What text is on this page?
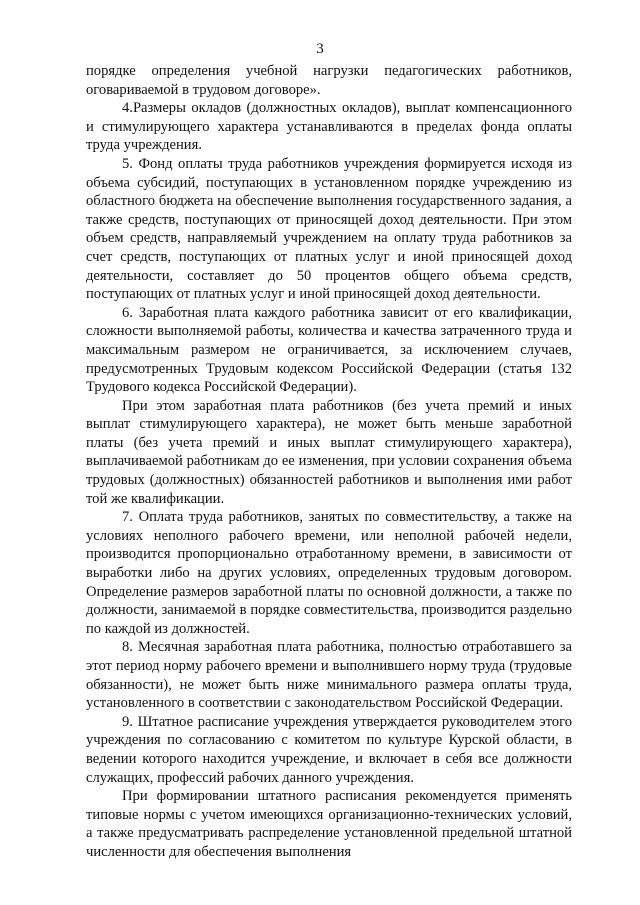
3

порядке определения учебной нагрузки педагогических работников, оговариваемой в трудовом договоре».

4.Размеры окладов (должностных окладов), выплат компенсационного и стимулирующего характера устанавливаются в пределах фонда оплаты труда учреждения.

5. Фонд оплаты труда работников учреждения формируется исходя из объема субсидий, поступающих в установленном порядке учреждению из областного бюджета на обеспечение выполнения государственного задания, а также средств, поступающих от приносящей доход деятельности. При этом объем средств, направляемый учреждением на оплату труда работников за счет средств, поступающих от платных услуг и иной приносящей доход деятельности, составляет до 50 процентов общего объема средств, поступающих от платных услуг и иной приносящей доход деятельности.

6. Заработная плата каждого работника зависит от его квалификации, сложности выполняемой работы, количества и качества затраченного труда и максимальным размером не ограничивается, за исключением случаев, предусмотренных Трудовым кодексом Российской Федерации (статья 132 Трудового кодекса Российской Федерации).

При этом заработная плата работников (без учета премий и иных выплат стимулирующего характера), не может быть меньше заработной платы (без учета премий и иных выплат стимулирующего характера), выплачиваемой работникам до ее изменения, при условии сохранения объема трудовых (должностных) обязанностей работников и выполнения ими работ той же квалификации.

7. Оплата труда работников, занятых по совместительству, а также на условиях неполного рабочего времени, или неполной рабочей недели, производится пропорционально отработанному времени, в зависимости от выработки либо на других условиях, определенных трудовым договором. Определение размеров заработной платы по основной должности, а также по должности, занимаемой в порядке совместительства, производится раздельно по каждой из должностей.

8. Месячная заработная плата работника, полностью отработавшего за этот период норму рабочего времени и выполнившего норму труда (трудовые обязанности), не может быть ниже минимального размера оплаты труда, установленного в соответствии с законодательством Российской Федерации.

9. Штатное расписание учреждения утверждается руководителем этого учреждения по согласованию с комитетом по культуре Курской области, в ведении которого находится учреждение, и включает в себя все должности служащих, профессий рабочих данного учреждения.

При формировании штатного расписания рекомендуется применять типовые нормы с учетом имеющихся организационно-технических условий, а также предусматривать распределение установленной предельной штатной численности для обеспечения выполнения
